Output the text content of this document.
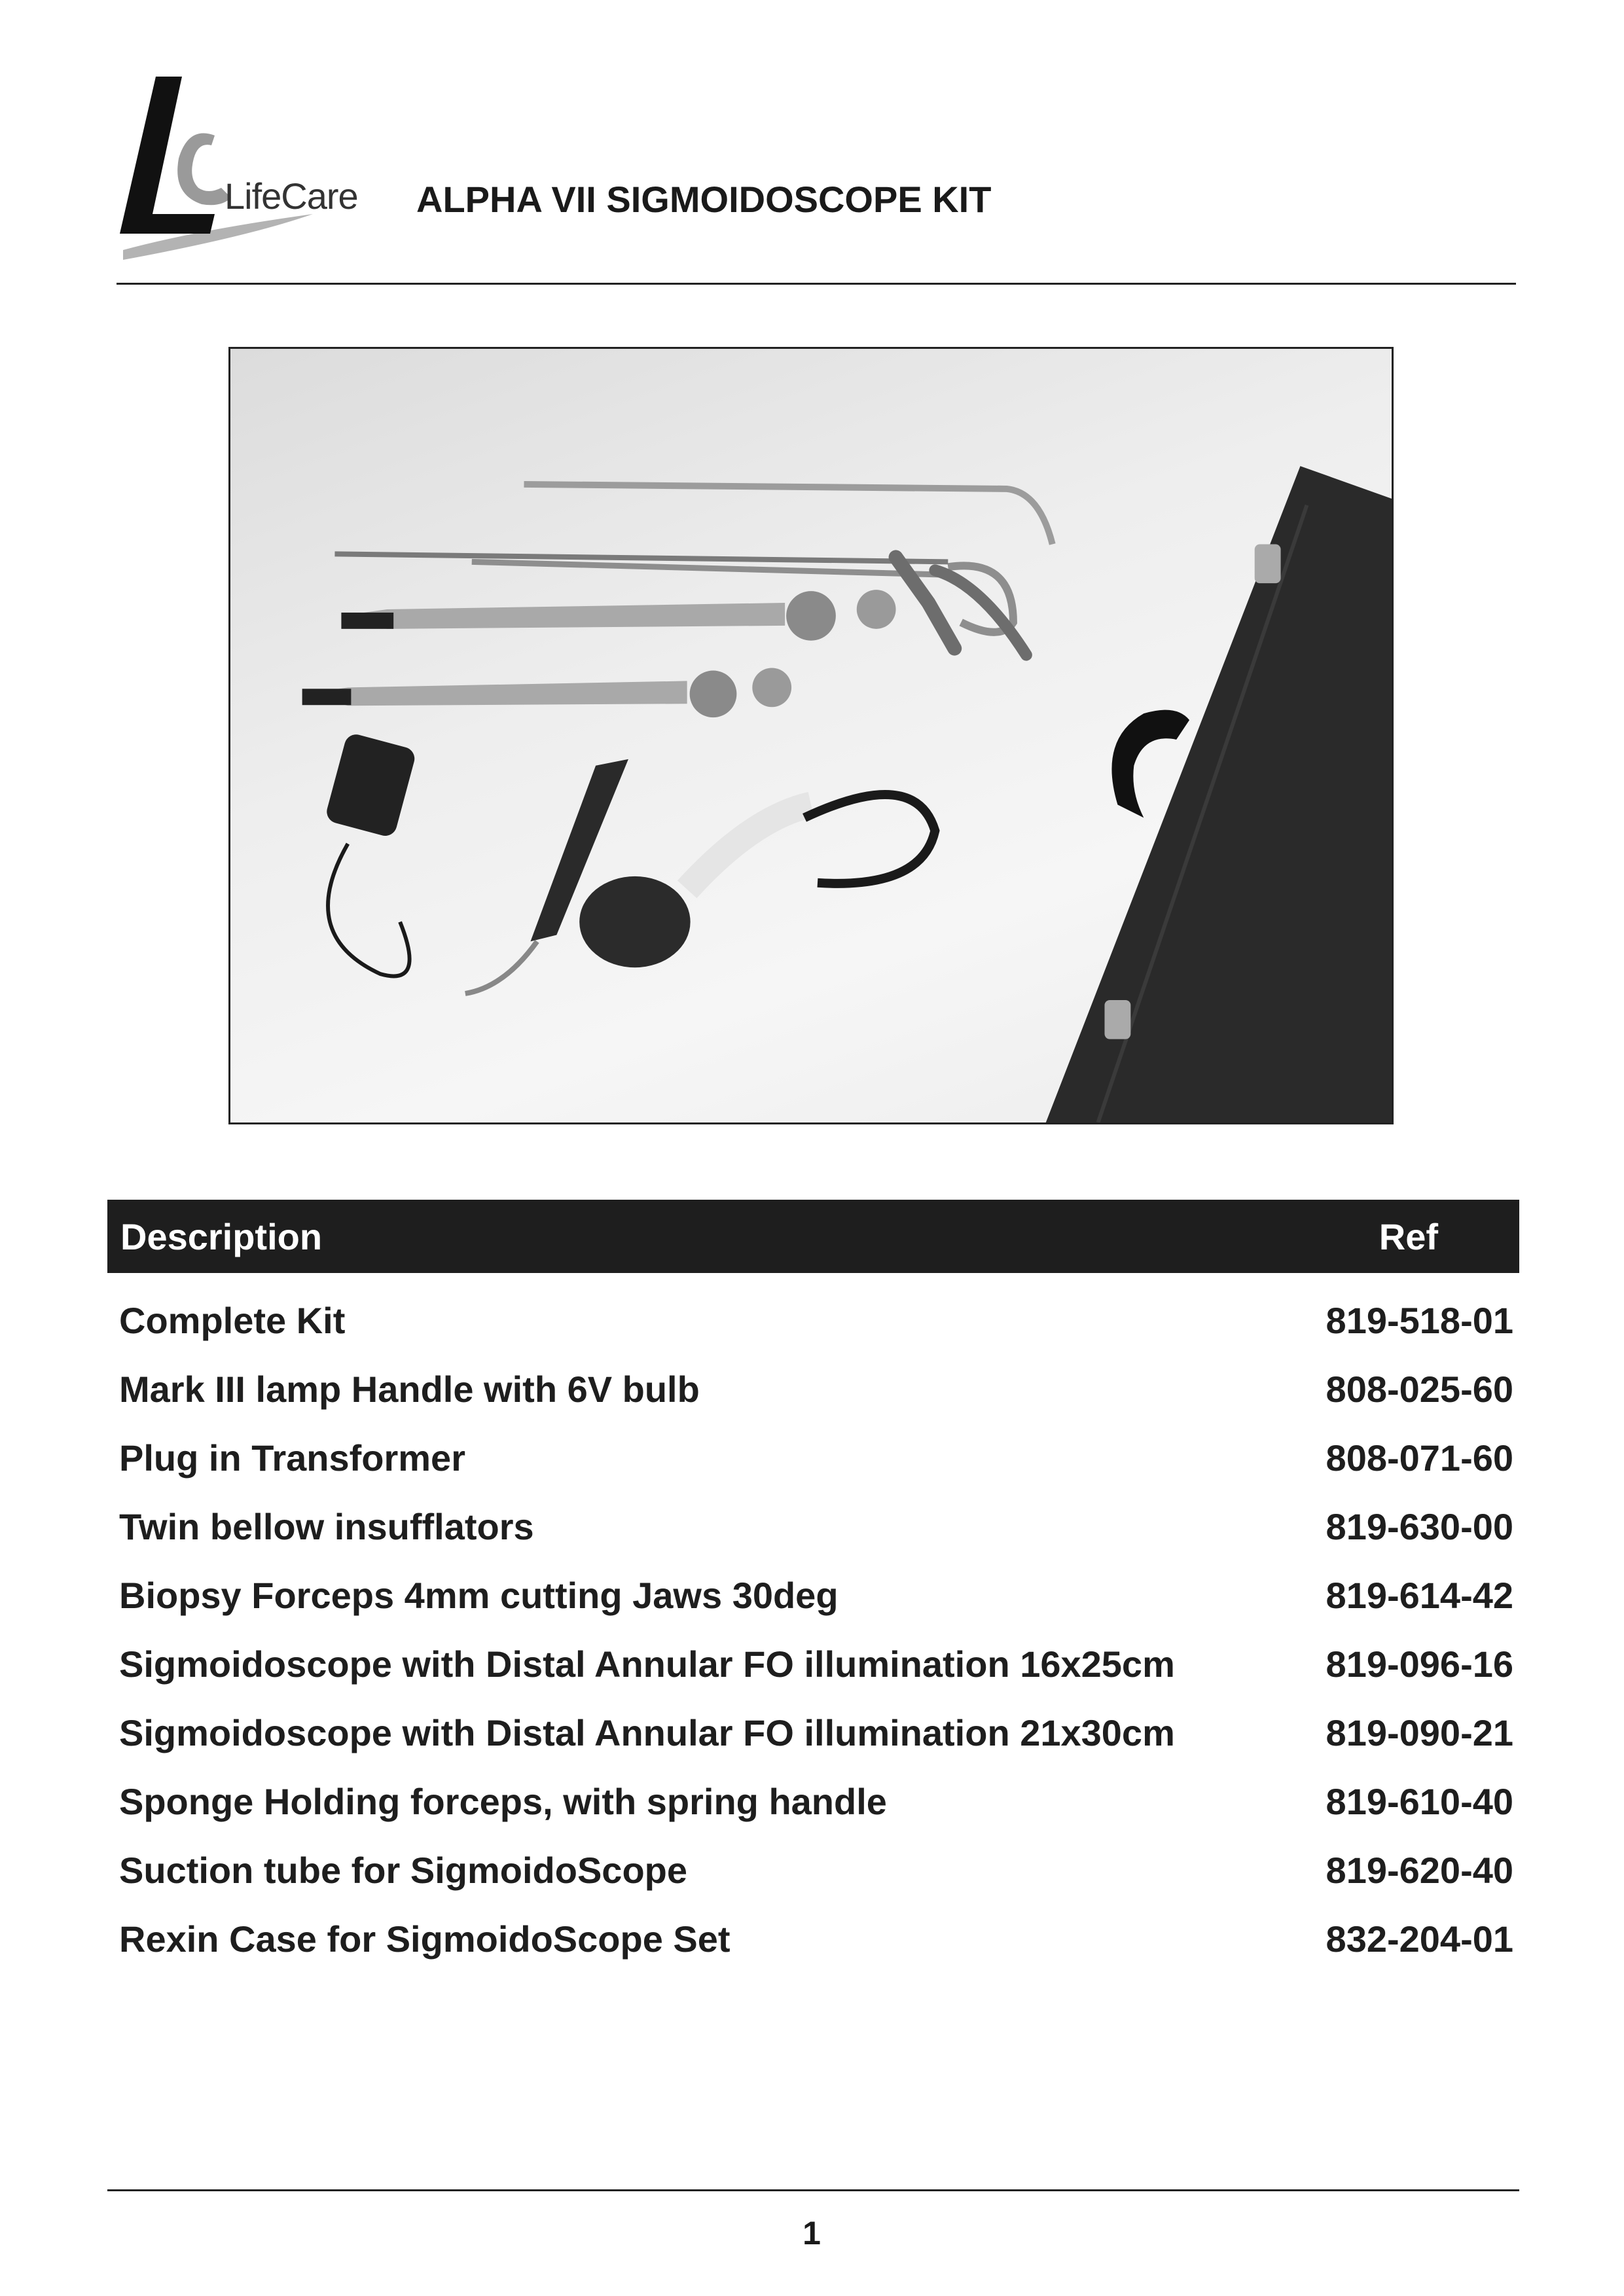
LifeCare ALPHA VII SIGMOIDOSCOPE KIT
Description	Ref
Complete Kit	819-518-01
Mark III lamp Handle with 6V bulb	808-025-60
Plug in Transformer	808-071-60
Twin bellow insufflators	819-630-00
Biopsy Forceps 4mm cutting Jaws 30deg	819-614-42
Sigmoidoscope with Distal Annular FO illumination 16x25cm	819-096-16
Sigmoidoscope with Distal Annular FO illumination 21x30cm	819-090-21
Sponge Holding forceps, with spring handle	819-610-40
Suction tube for SigmoidoScope	819-620-40
Rexin Case for SigmoidoScope Set	832-204-01
1
